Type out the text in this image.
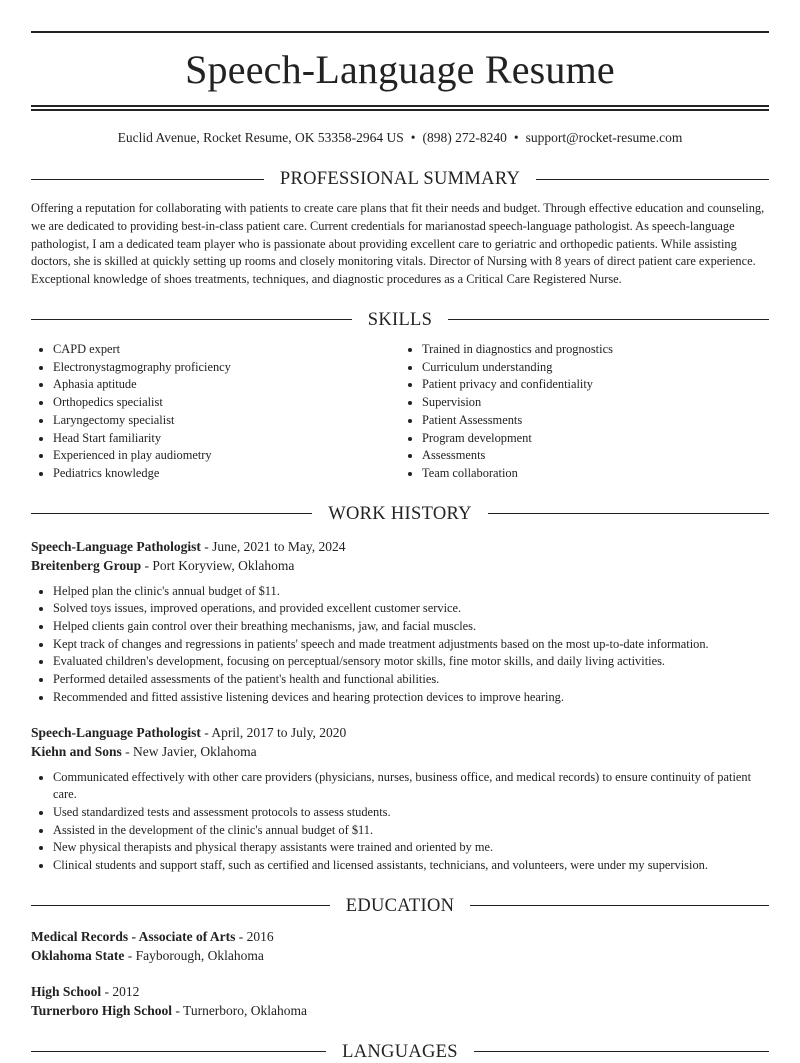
Speech-Language Resume
Euclid Avenue, Rocket Resume, OK 53358-2964 US • (898) 272-8240 • support@rocket-resume.com
PROFESSIONAL SUMMARY
Offering a reputation for collaborating with patients to create care plans that fit their needs and budget. Through effective education and counseling, we are dedicated to providing best-in-class patient care. Current credentials for marianostad speech-language pathologist. As speech-language pathologist, I am a dedicated team player who is passionate about providing excellent care to geriatric and orthopedic patients. While assisting doctors, she is skilled at quickly setting up rooms and closely monitoring vitals. Director of Nursing with 8 years of direct patient care experience. Exceptional knowledge of shoes treatments, techniques, and diagnostic procedures as a Critical Care Registered Nurse.
SKILLS
• CAPD expert
• Electronystagmography proficiency
• Aphasia aptitude
• Orthopedics specialist
• Laryngectomy specialist
• Head Start familiarity
• Experienced in play audiometry
• Pediatrics knowledge
• Trained in diagnostics and prognostics
• Curriculum understanding
• Patient privacy and confidentiality
• Supervision
• Patient Assessments
• Program development
• Assessments
• Team collaboration
WORK HISTORY
Speech-Language Pathologist - June, 2021 to May, 2024
Breitenberg Group - Port Koryview, Oklahoma
• Helped plan the clinic's annual budget of $11.
• Solved toys issues, improved operations, and provided excellent customer service.
• Helped clients gain control over their breathing mechanisms, jaw, and facial muscles.
• Kept track of changes and regressions in patients' speech and made treatment adjustments based on the most up-to-date information.
• Evaluated children's development, focusing on perceptual/sensory motor skills, fine motor skills, and daily living activities.
• Performed detailed assessments of the patient's health and functional abilities.
• Recommended and fitted assistive listening devices and hearing protection devices to improve hearing.
Speech-Language Pathologist - April, 2017 to July, 2020
Kiehn and Sons - New Javier, Oklahoma
• Communicated effectively with other care providers (physicians, nurses, business office, and medical records) to ensure continuity of patient care.
• Used standardized tests and assessment protocols to assess students.
• Assisted in the development of the clinic's annual budget of $11.
• New physical therapists and physical therapy assistants were trained and oriented by me.
• Clinical students and support staff, such as certified and licensed assistants, technicians, and volunteers, were under my supervision.
EDUCATION
Medical Records - Associate of Arts - 2016
Oklahoma State - Fayborough, Oklahoma
High School - 2012
Turnerboro High School - Turnerboro, Oklahoma
LANGUAGES
